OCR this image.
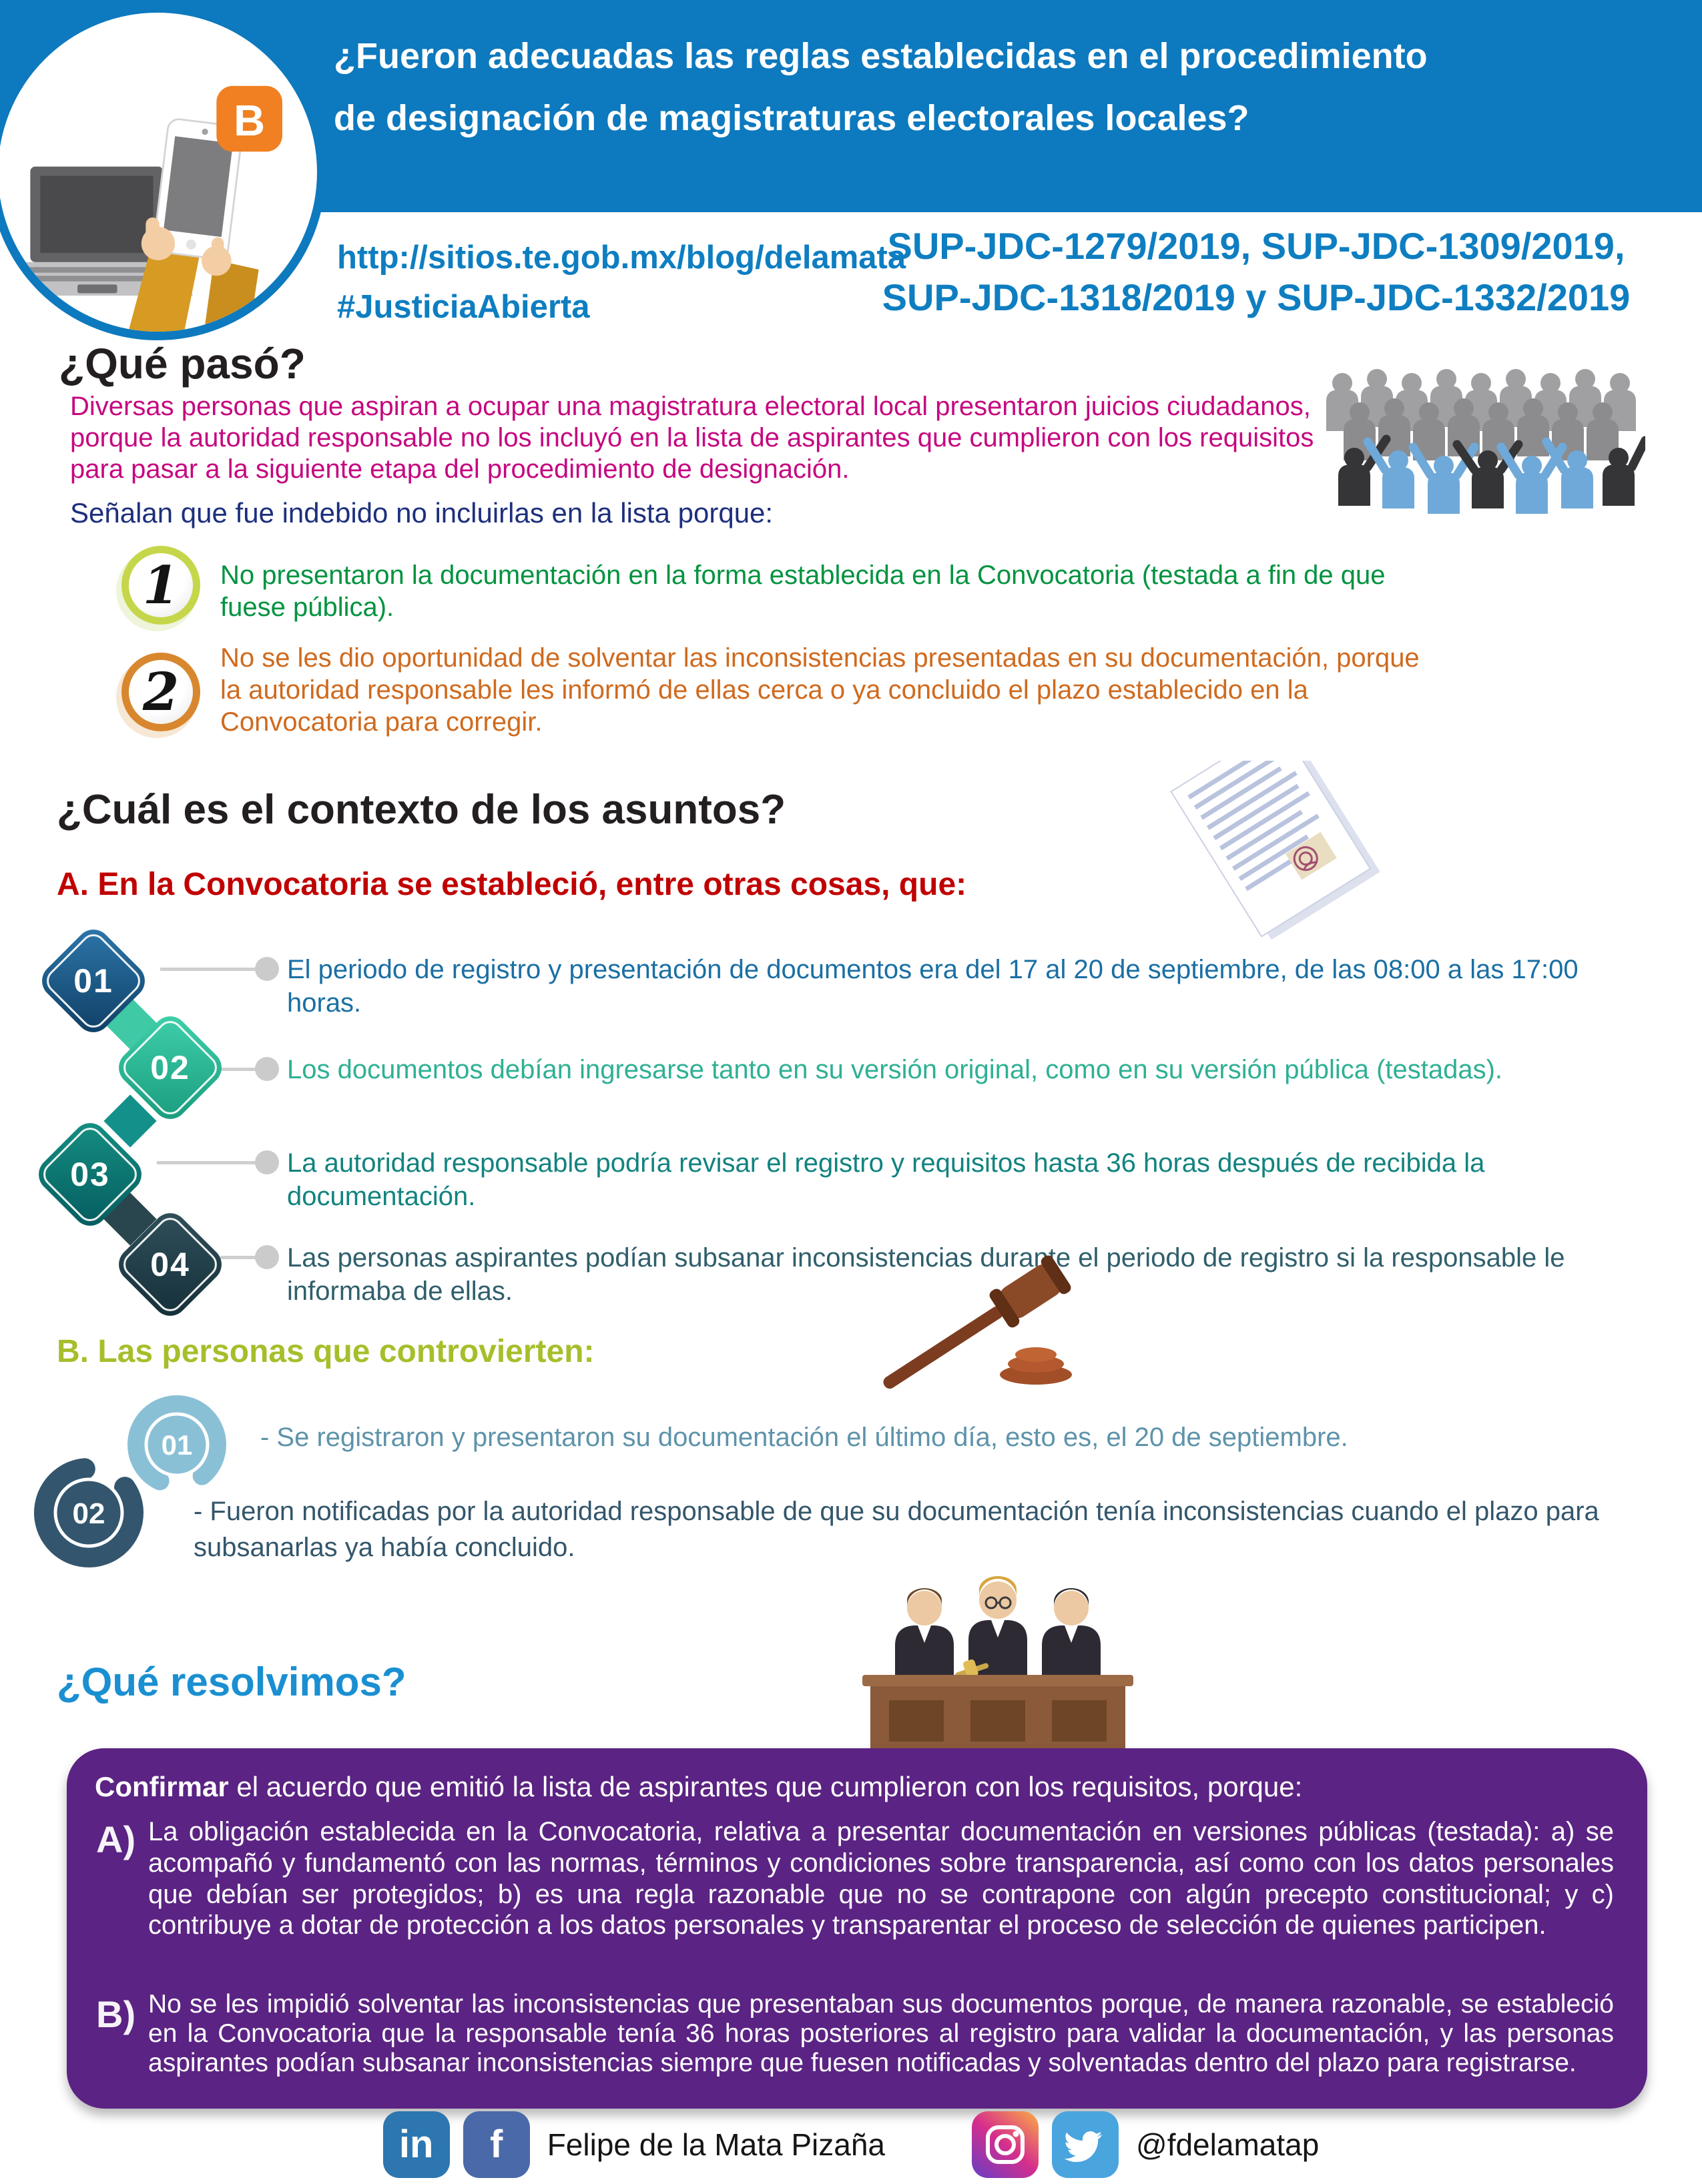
¿Fueron adecuadas las reglas establecidas en el procedimiento
de designación de magistraturas electorales locales?
B
http://sitios.te.gob.mx/blog/delamata
#JusticiaAbierta
SUP-JDC-1279/2019, SUP-JDC-1309/2019,
SUP-JDC-1318/2019 y SUP-JDC-1332/2019
¿Qué pasó?
Diversas personas que aspiran a ocupar una magistratura electoral local presentaron juicios ciudadanos, porque la autoridad responsable no los incluyó en la lista de aspirantes que cumplieron con los requisitos para pasar a la siguiente etapa del procedimiento de designación.
Señalan que fue indebido no incluirlas en la lista porque:
1 No presentaron la documentación en la forma establecida en la Convocatoria (testada a fin de que fuese pública).
2
No se les dio oportunidad de solventar las inconsistencias presentadas en su documentación, porque la autoridad responsable les informó de ellas cerca o ya concluido el plazo establecido en la Convocatoria para corregir.
¿Cuál es el contexto de los asuntos?
A. En la Convocatoria se estableció, entre otras cosas, que:
01
02
03
04
El periodo de registro y presentación de documentos era del 17 al 20 de septiembre, de las 08:00 a las 17:00 horas.
Los documentos debían ingresarse tanto en su versión original, como en su versión pública (testadas).
La autoridad responsable podría revisar el registro y requisitos hasta 36 horas después de recibida la documentación.
Las personas aspirantes podían subsanar inconsistencias durante el periodo de registro si la responsable le informaba de ellas.
B. Las personas que controvierten:
01	- Se registraron y presentaron su documentación el último día, esto es, el 20 de septiembre.
02	- Fueron notificadas por la autoridad responsable de que su documentación tenía inconsistencias cuando el plazo para subsanarlas ya había concluido.
¿Qué resolvimos?
Confirmar el acuerdo que emitió la lista de aspirantes que cumplieron con los requisitos, porque:
A) La obligación establecida en la Convocatoria, relativa a presentar documentación en versiones públicas (testada): a) se acompañó y fundamentó con las normas, términos y condiciones sobre transparencia, así como con los datos personales que debían ser protegidos; b) es una regla razonable que no se contrapone con algún precepto constitucional; y c) contribuye a dotar de protección a los datos personales y transparentar el proceso de selección de quienes participen.
B) No se les impidió solventar las inconsistencias que presentaban sus documentos porque, de manera razonable, se estableció en la Convocatoria que la responsable tenía 36 horas posteriores al registro para validar la documentación, y las personas aspirantes podían subsanar inconsistencias siempre que fuesen notificadas y solventadas dentro del plazo para registrarse.
in f Felipe de la Mata Pizaña	@fdelamatap
